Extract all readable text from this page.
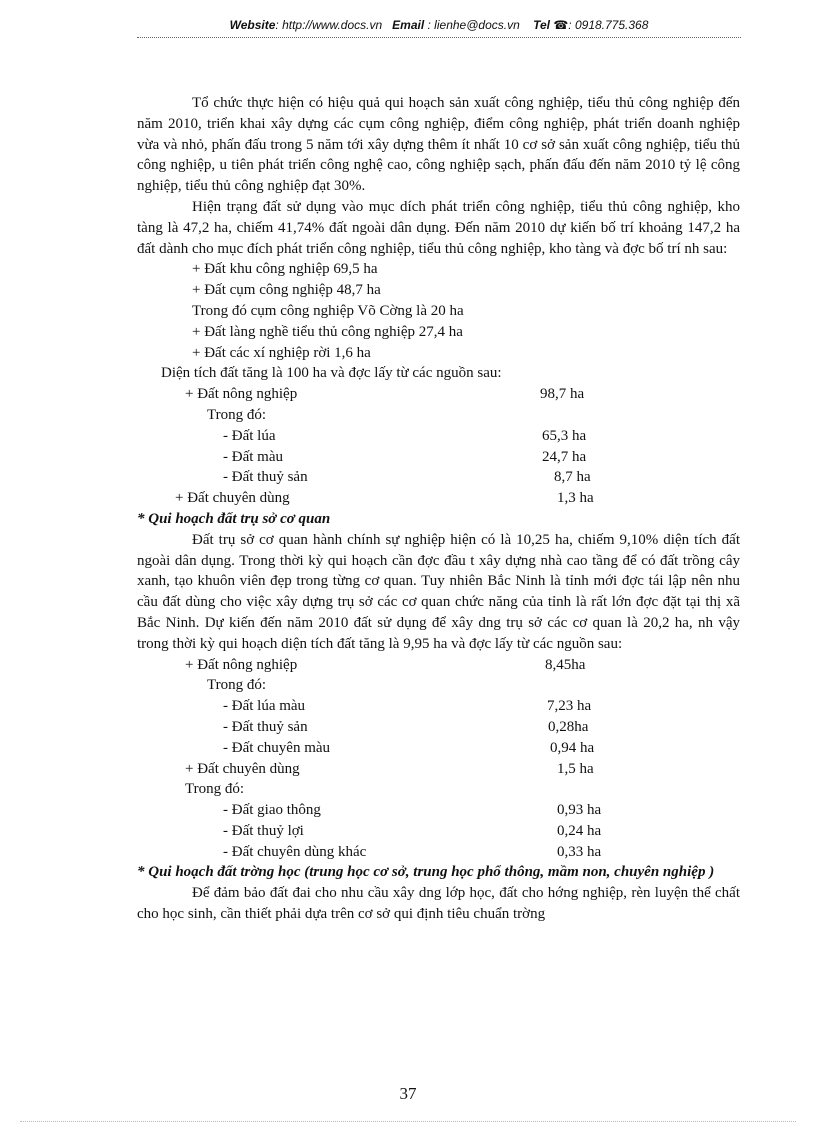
Website: http://www.docs.vn Email : lienhe@docs.vn Tel ☎: 0918.775.368

Tổ chức thực hiện có hiệu quả qui hoạch sản xuất công nghiệp, tiểu thủ công nghiệp đến năm 2010, triển khai xây dựng các cụm công nghiệp, điểm công nghiệp, phát triển doanh nghiệp vừa và nhỏ, phấn đấu trong 5 năm tới xây dựng thêm ít nhất 10 cơ sở sản xuất công nghiệp, tiểu thủ công nghiệp, u tiên phát triển công nghệ cao, công nghiệp sạch, phấn đấu đến năm 2010 tỷ lệ công nghiệp, tiểu thủ công nghiệp đạt 30%.

Hiện trạng đất sử dụng vào mục dích phát triển công nghiệp, tiểu thủ công nghiệp, kho tàng là 47,2 ha, chiếm 41,74% đất ngoài dân dụng. Đến năm 2010 dự kiến bố trí khoảng 147,2 ha đất dành cho mục đích phát triển công nghiệp, tiểu thủ công nghiệp, kho tàng và đợc bố trí nh sau:

+ Đất khu công nghiệp 69,5 ha
+ Đất cụm công nghiệp 48,7 ha
Trong đó cụm công nghiệp Võ Cờng là 20 ha
+ Đất làng nghề tiểu thủ công nghiệp 27,4 ha
+ Đất các xí nghiệp rời 1,6 ha
Diện tích đất tăng là 100 ha và đợc lấy từ các nguồn sau:
+ Đất nông nghiệp	98,7 ha
Trong đó:
- Đất lúa	65,3 ha
- Đất màu	24,7 ha
- Đất thuỷ sản	8,7 ha
+ Đất chuyên dùng	1,3 ha
* Qui hoạch đất trụ sở cơ quan

Đất trụ sở cơ quan hành chính sự nghiệp hiện có là 10,25 ha, chiếm 9,10% diện tích đất ngoài dân dụng. Trong thời kỳ qui hoạch cần đợc đầu t xây dựng nhà cao tầng để có đất trồng cây xanh, tạo khuôn viên đẹp trong từng cơ quan. Tuy nhiên Bắc Ninh là tỉnh mới đợc tái lập nên nhu cầu đất dùng cho việc xây dựng trụ sở các cơ quan chức năng của tỉnh là rất lớn đợc đặt tại thị xã Bắc Ninh. Dự kiến đến năm 2010 đất sử dụng để xây dng trụ sở các cơ quan là 20,2 ha, nh vậy trong thời kỳ qui hoạch diện tích đất tăng là 9,95 ha và đợc lấy từ các nguồn sau:

+ Đất nông nghiệp	8,45ha
Trong đó:
- Đất lúa màu	7,23 ha
- Đất thuỷ sản	0,28ha
- Đất chuyên màu	0,94 ha
+ Đất chuyên dùng	1,5 ha
Trong đó:
- Đất giao thông	0,93 ha
- Đất thuỷ lợi	0,24 ha
- Đất chuyên dùng khác	0,33 ha
* Qui hoạch đất trờng học (trung học cơ sở, trung học phổ thông, mầm non, chuyên nghiệp )

Để đảm bảo đất đai cho nhu cầu xây dng lớp học, đất cho hớng nghiệp, rèn luyện thể chất cho học sinh, cần thiết phải dựa trên cơ sở qui định tiêu chuẩn trờng

37
